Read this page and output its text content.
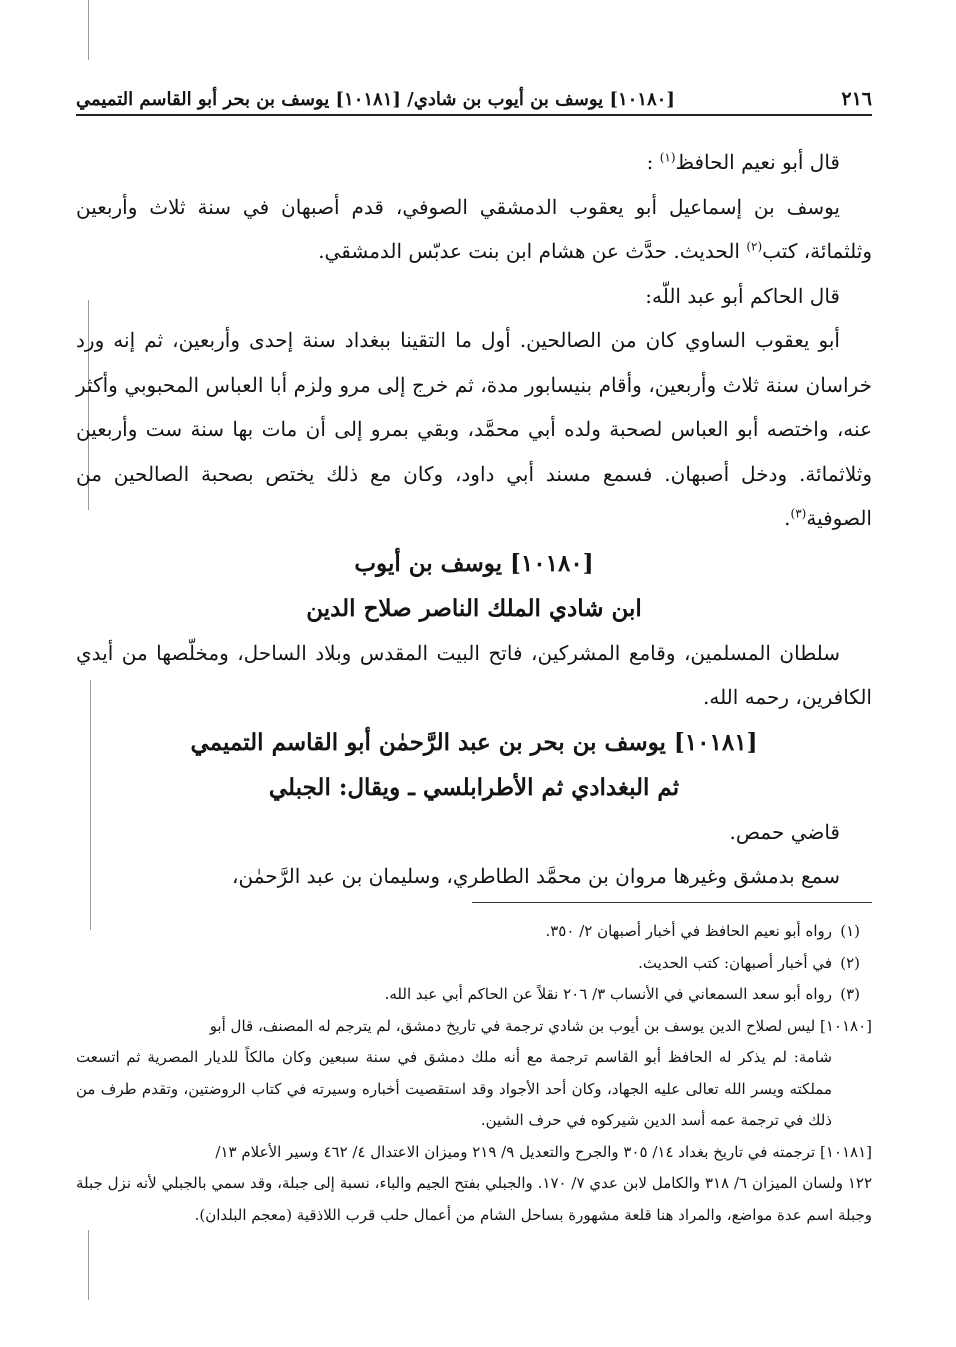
٢١٦
[١٠١٨٠] يوسف بن أيوب بن شادي/ [١٠١٨١] يوسف بن بحر أبو القاسم التميمي

قال أبو نعيم الحافظ$^{(١)}$ :

يوسف بن إسماعيل أبو يعقوب الدمشقي الصوفي، قدم أصبهان في سنة ثلاث وأربعين وثلثمائة، كتب$^{(٢)}$ الحديث. حدَّث عن هشام ابن بنت عدبّس الدمشقي.

قال الحاكم أبو عبد اللّه:

أبو يعقوب الساوي كان من الصالحين. أول ما التقينا ببغداد سنة إحدى وأربعين، ثم إنه ورد خراسان سنة ثلاث وأربعين، وأقام بنيسابور مدة، ثم خرج إلى مرو ولزم أبا العباس المحبوبي وأكثر عنه، واختصه أبو العباس لصحبة ولده أبي محمَّد، وبقي بمرو إلى أن مات بها سنة ست وأربعين وثلاثمائة. ودخل أصبهان. فسمع مسند أبي داود، وكان مع ذلك يختص بصحبة الصالحين من الصوفية$^{(٣)}$.

[١٠١٨٠] يوسف بن أيوب

ابن شادي الملك الناصر صلاح الدين

سلطان المسلمين، وقامع المشركين، فاتح البيت المقدس وبلاد الساحل، ومخلّصها من أيدي الكافرين، رحمه الله.

[١٠١٨١] يوسف بن بحر بن عبد الرَّحمٰن أبو القاسم التميمي

ثم البغدادي ثم الأطرابلسي ـ ويقال: الجبلي

قاضي حمص.

سمع بدمشق وغيرها مروان بن محمَّد الطاطري، وسليمان بن عبد الرَّحمٰن،

(١)رواه أبو نعيم الحافظ في أخبار أصبهان ٢/ ٣٥٠.

(٢)في أخبار أصبهان: كتب الحديث.

(٣)رواه أبو سعد السمعاني في الأنساب ٣/ ٢٠٦ نقلاً عن الحاكم أبي عبد الله.

[١٠١٨٠] ليس لصلاح الدين يوسف بن أيوب بن شادي ترجمة في تاريخ دمشق، لم يترجم له المصنف، قال أبو

شامة: لم يذكر له الحافظ أبو القاسم ترجمة مع أنه ملك دمشق في سنة سبعين وكان مالكاً للديار المصرية ثم اتسعت مملكته ويسر الله تعالى عليه الجهاد، وكان أحد الأجواد وقد استقصيت أخباره وسيرته في كتاب الروضتين، وتقدم طرف من ذلك في ترجمة عمه أسد الدين شيركوه في حرف الشين.

[١٠١٨١] ترجمته في تاريخ بغداد ١٤/ ٣٠٥ والجرح والتعديل ٩/ ٢١٩ وميزان الاعتدال ٤/ ٤٦٢ وسير الأعلام ١٣/

١٢٢ ولسان الميزان ٦/ ٣١٨ والكامل لابن عدي ٧/ ١٧٠. والجبلي بفتح الجيم والباء، نسبة إلى جبلة، وقد سمي بالجبلي لأنه نزل جبلة وجبلة اسم عدة مواضع، والمراد هنا قلعة مشهورة بساحل الشام من أعمال حلب قرب اللاذقية (معجم البلدان).
